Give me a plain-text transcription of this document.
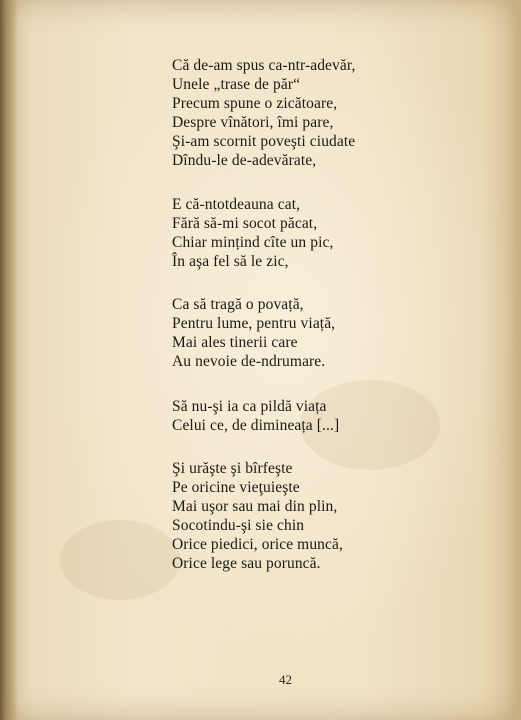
Că de-am spus ca-ntr-adevăr,
Unele „trase de păr“
Precum spune o zicătoare,
Despre vînători, îmi pare,
Şi-am scornit poveşti ciudate
Dîndu-le de-adevărate,
E că-ntotdeauna cat,
Fără să-mi socot păcat,
Chiar mințind cîte un pic,
În aşa fel să le zic,
Ca să tragă o povață,
Pentru lume, pentru viață,
Mai ales tinerii care
Au nevoie de-ndrumare.
Să nu-şi ia ca pildă viața
Celui ce, de dimineața [...]
Şi urăşte şi bîrfeşte
Pe oricine vieţuieşte
Mai uşor sau mai din plin,
Socotindu-şi sie chin
Orice piedici, orice muncă,
Orice lege sau poruncă.
42
